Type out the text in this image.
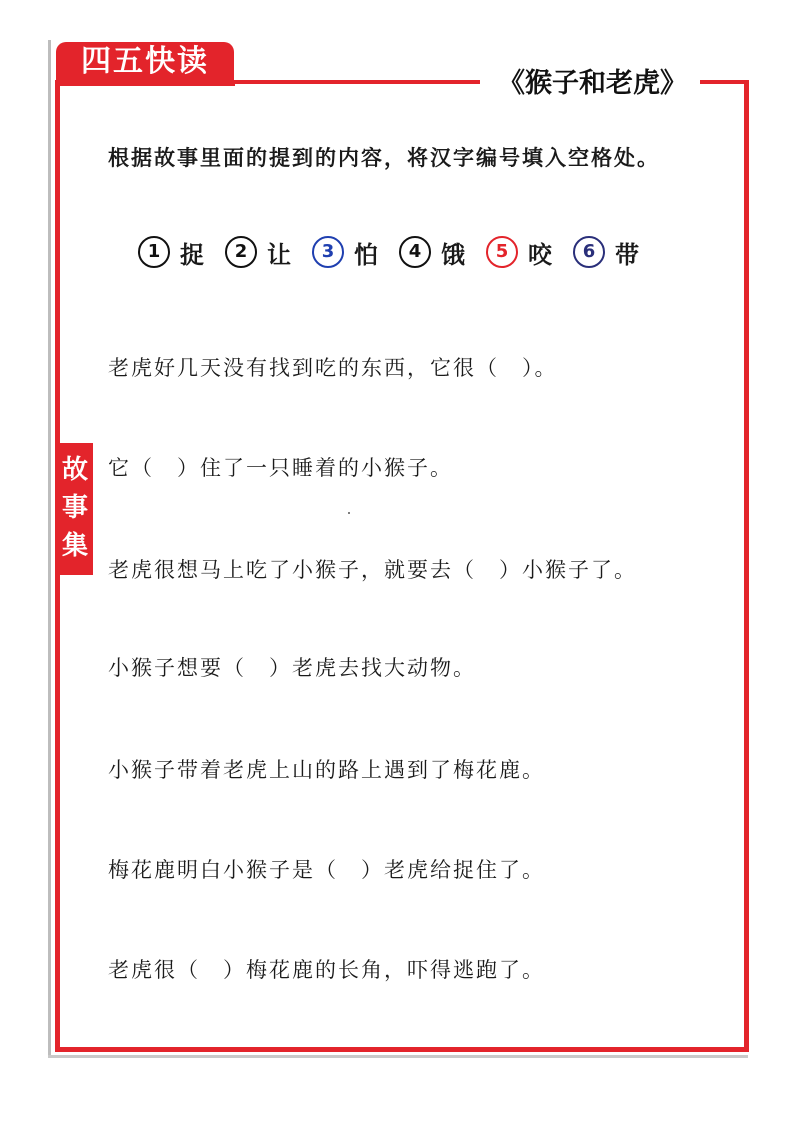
四五快读
《猴子和老虎》
故
事
集
根据故事里面的提到的内容，将汉字编号填入空格处。
1 捉	2 让	3 怕	4 饿	5 咬	6 带
老虎好几天没有找到吃的东西，它很（　）。
它（　）住了一只睡着的小猴子。
老虎很想马上吃了小猴子，就要去（　）小猴子了。
小猴子想要（　）老虎去找大动物。
小猴子带着老虎上山的路上遇到了梅花鹿。
梅花鹿明白小猴子是（　）老虎给捉住了。
老虎很（　）梅花鹿的长角，吓得逃跑了。
